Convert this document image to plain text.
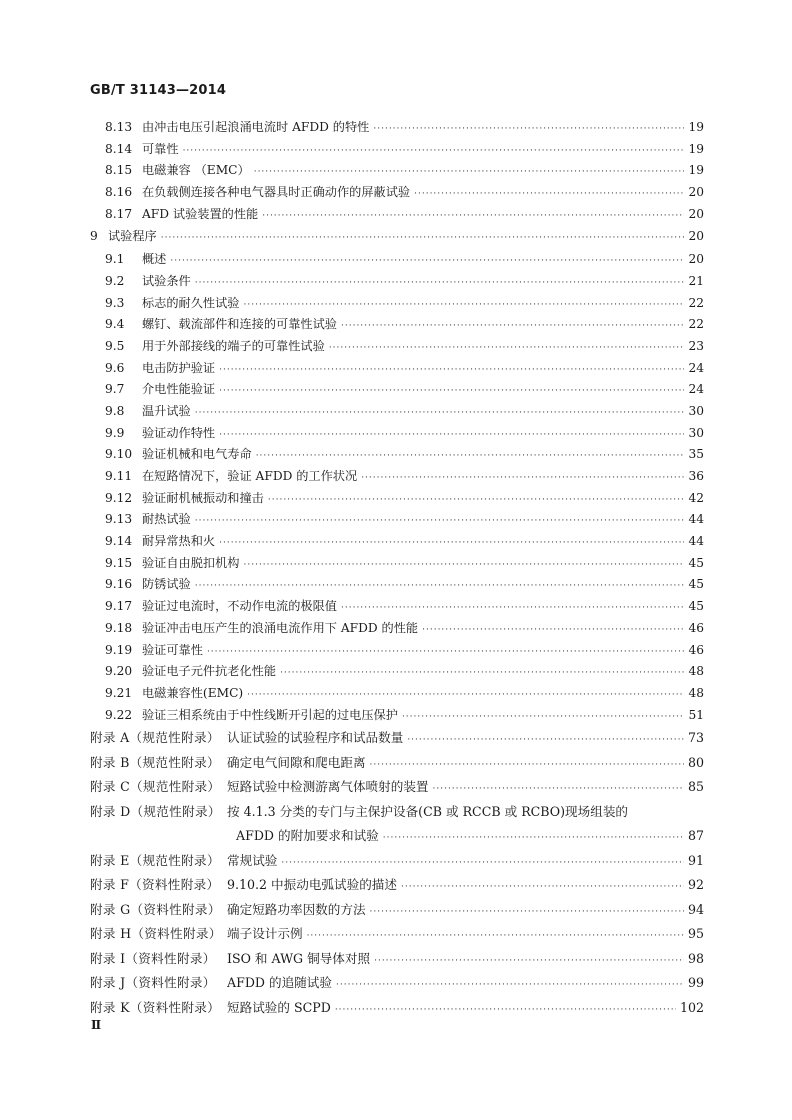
GB/T 31143—2014
8.13 由冲击电压引起浪涌电流时 AFDD 的特性 ·····	19
8.14 可靠性 ·····	19
8.15 电磁兼容 （EMC） ·····	19
8.16 在负载侧连接各种电气器具时正确动作的屏蔽试验 ·····	20
8.17 AFD 试验装置的性能 ·····	20
9 试验程序 ·····	20
9.1	概述 ·····	20
9.2	试验条件 ·····	21
9.3	标志的耐久性试验 ·····	22
9.4	螺钉、载流部件和连接的可靠性试验 ·····	22
9.5	用于外部接线的端子的可靠性试验 ·····	23
9.6	电击防护验证 ·····	24
9.7	介电性能验证 ·····	24
9.8	温升试验 ·····	30
9.9	验证动作特性 ·····	30
9.10 验证机械和电气寿命 ·····	35
9.11 在短路情况下，验证 AFDD 的工作状况 ·····	36
9.12 验证耐机械振动和撞击 ·····	42
9.13 耐热试验 ·····	44
9.14 耐异常热和火 ·····	44
9.15 验证自由脱扣机构 ·····	45
9.16 防锈试验 ·····	45
9.17 验证过电流时，不动作电流的极限值 ·····	45
9.18 验证冲击电压产生的浪涌电流作用下 AFDD 的性能 ·····	46
9.19 验证可靠性 ·····	46
9.20 验证电子元件抗老化性能 ·····	48
9.21 电磁兼容性(EMC) ·····	48
9.22 验证三相系统由于中性线断开引起的过电压保护 ·····	51
附录 A（规范性附录） 认证试验的试验程序和试品数量 ·····	73
附录 B（规范性附录） 确定电气间隙和爬电距离 ·····	80
附录 C（规范性附录） 短路试验中检测游离气体喷射的装置 ·····	85
附录 D（规范性附录） 按 4.1.3 分类的专门与主保护设备(CB 或 RCCB 或 RCBO)现场组装的
AFDD 的附加要求和试验 ·····	87
附录 E（规范性附录） 常规试验 ·····	91
附录 F（资料性附录） 9.10.2 中振动电弧试验的描述 ·····	92
附录 G（资料性附录） 确定短路功率因数的方法 ·····	94
附录 H（资料性附录） 端子设计示例 ·····	95
附录 I（资料性附录） ISO 和 AWG 铜导体对照 ·····	98
附录 J（资料性附录） AFDD 的追随试验 ·····	99
附录 K（资料性附录） 短路试验的 SCPD ·····	102
Ⅱ
